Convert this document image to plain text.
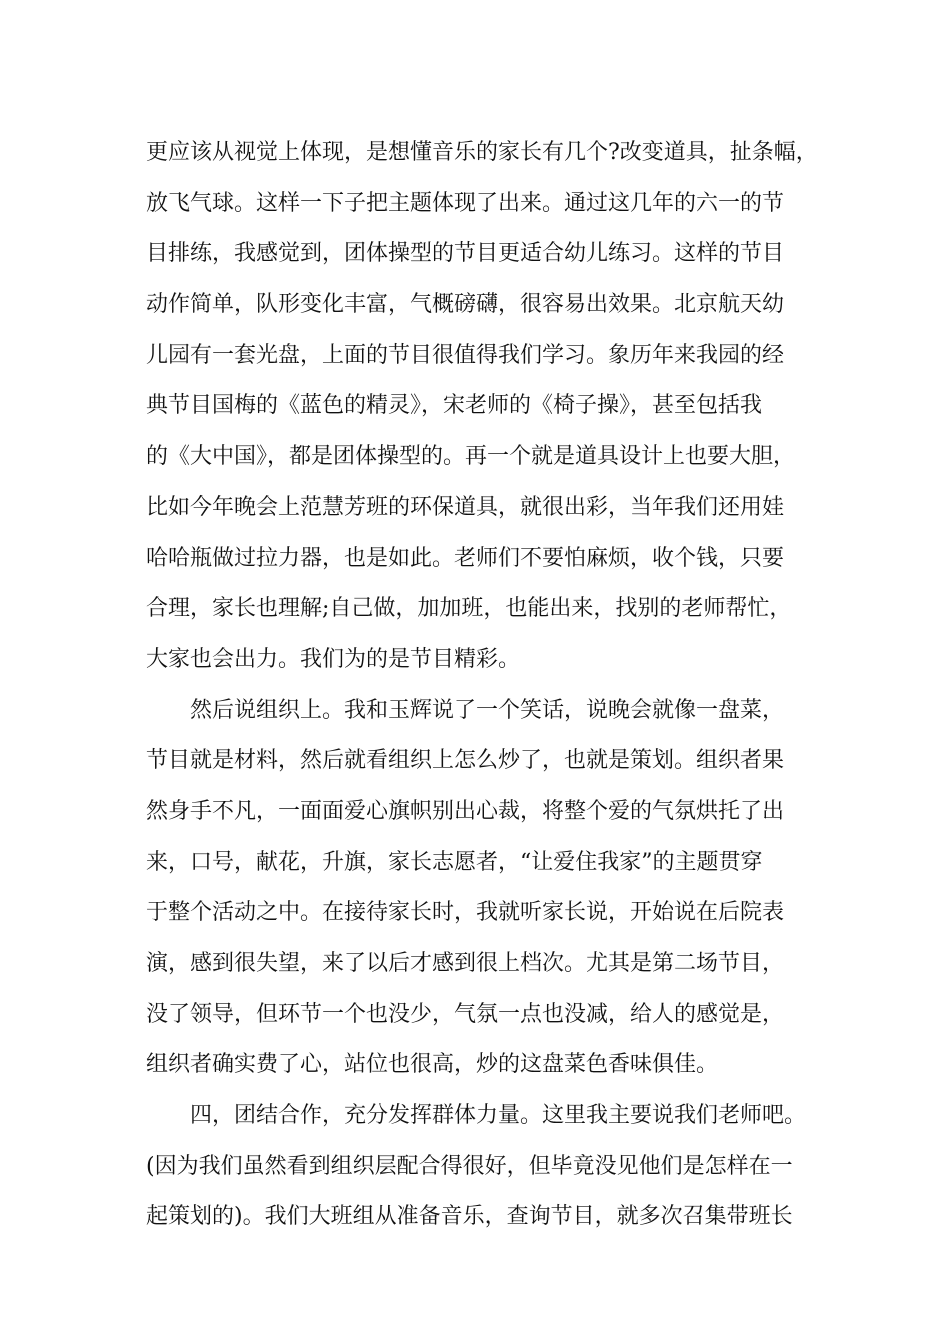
更应该从视觉上体现，是想懂音乐的家长有几个?改变道具，扯条幅，
放飞气球。这样一下子把主题体现了出来。通过这几年的六一的节
目排练，我感觉到，团体操型的节目更适合幼儿练习。这样的节目
动作简单，队形变化丰富，气概磅礴，很容易出效果。北京航天幼
儿园有一套光盘，上面的节目很值得我们学习。象历年来我园的经
典节目国梅的《蓝色的精灵》，宋老师的《椅子操》，甚至包括我
的《大中国》，都是团体操型的。再一个就是道具设计上也要大胆，
比如今年晚会上范慧芳班的环保道具，就很出彩，当年我们还用娃
哈哈瓶做过拉力器，也是如此。老师们不要怕麻烦，收个钱，只要
合理，家长也理解;自己做，加加班，也能出来，找别的老师帮忙，
大家也会出力。我们为的是节目精彩。
然后说组织上。我和玉辉说了一个笑话，说晚会就像一盘菜，
节目就是材料，然后就看组织上怎么炒了，也就是策划。组织者果
然身手不凡，一面面爱心旗帜别出心裁，将整个爱的气氛烘托了出
来，口号，献花，升旗，家长志愿者，“让爱住我家”的主题贯穿
于整个活动之中。在接待家长时，我就听家长说，开始说在后院表
演，感到很失望，来了以后才感到很上档次。尤其是第二场节目，
没了领导，但环节一个也没少，气氛一点也没减，给人的感觉是，
组织者确实费了心，站位也很高，炒的这盘菜色香味俱佳。
四，团结合作，充分发挥群体力量。这里我主要说我们老师吧。
(因为我们虽然看到组织层配合得很好，但毕竟没见他们是怎样在一
起策划的)。我们大班组从准备音乐，查询节目，就多次召集带班长
